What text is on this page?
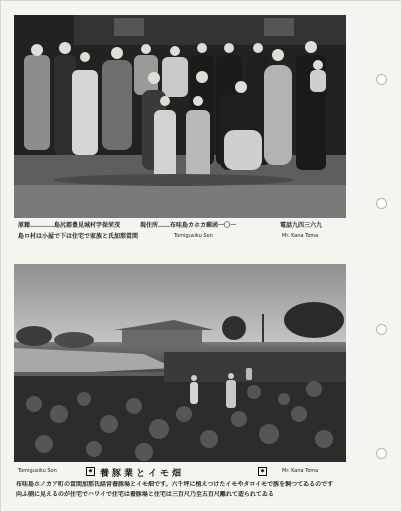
原籍…………島尻郡豊見城村字保栄茂	現住所……布哇島カホカ郵函一〇一	電話九四三六九
島ロ村は小屋で下は住宅で家族と氏加那當間	Tomigusiku Son	Mr. Kana Toma
Tomigusiku Son	Mr. Kana Toma
◆ 養豚業とイモ畑	◆
布哇島ホノカア町の當間加那氏経営養豚場とイモ畑です。六千坪に植えつけたイモやタロイモで豚を飼つてゐるのです
向ふ側に見えるのが住宅でハワイで住宅は養豚場と住宅は三百尺乃至五百尺離れて造られてゐる
